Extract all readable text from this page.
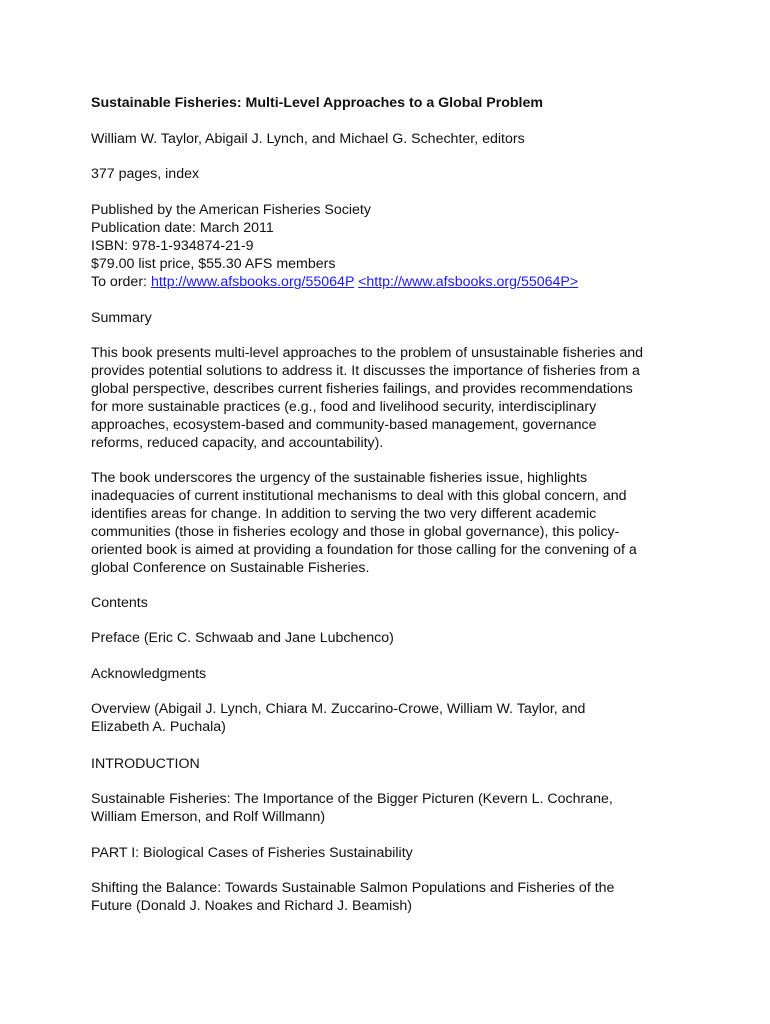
Sustainable Fisheries: Multi-Level Approaches to a Global Problem

William W. Taylor, Abigail J. Lynch, and Michael G. Schechter, editors

377 pages, index

Published by the American Fisheries Society
Publication date: March 2011
ISBN: 978-1-934874-21-9
$79.00 list price, $55.30 AFS members
To order: http://www.afsbooks.org/55064P <http://www.afsbooks.org/55064P>

Summary

This book presents multi-level approaches to the problem of unsustainable fisheries and
provides potential solutions to address it. It discusses the importance of fisheries from a
global perspective, describes current fisheries failings, and provides recommendations
for more sustainable practices (e.g., food and livelihood security, interdisciplinary
approaches, ecosystem-based and community-based management, governance
reforms, reduced capacity, and accountability).
The book underscores the urgency of the sustainable fisheries issue, highlights
inadequacies of current institutional mechanisms to deal with this global concern, and
identifies areas for change. In addition to serving the two very different academic
communities (those in fisheries ecology and those in global governance), this policy-
oriented book is aimed at providing a foundation for those calling for the convening of a
global Conference on Sustainable Fisheries.

Contents

Preface (Eric C. Schwaab and Jane Lubchenco)

Acknowledgments

Overview (Abigail J. Lynch, Chiara M. Zuccarino-Crowe, William W. Taylor, and
Elizabeth A. Puchala)

INTRODUCTION

Sustainable Fisheries: The Importance of the Bigger Picturen (Kevern L. Cochrane,
William Emerson, and Rolf Willmann)

PART I: Biological Cases of Fisheries Sustainability

Shifting the Balance: Towards Sustainable Salmon Populations and Fisheries of the
Future (Donald J. Noakes and Richard J. Beamish)
